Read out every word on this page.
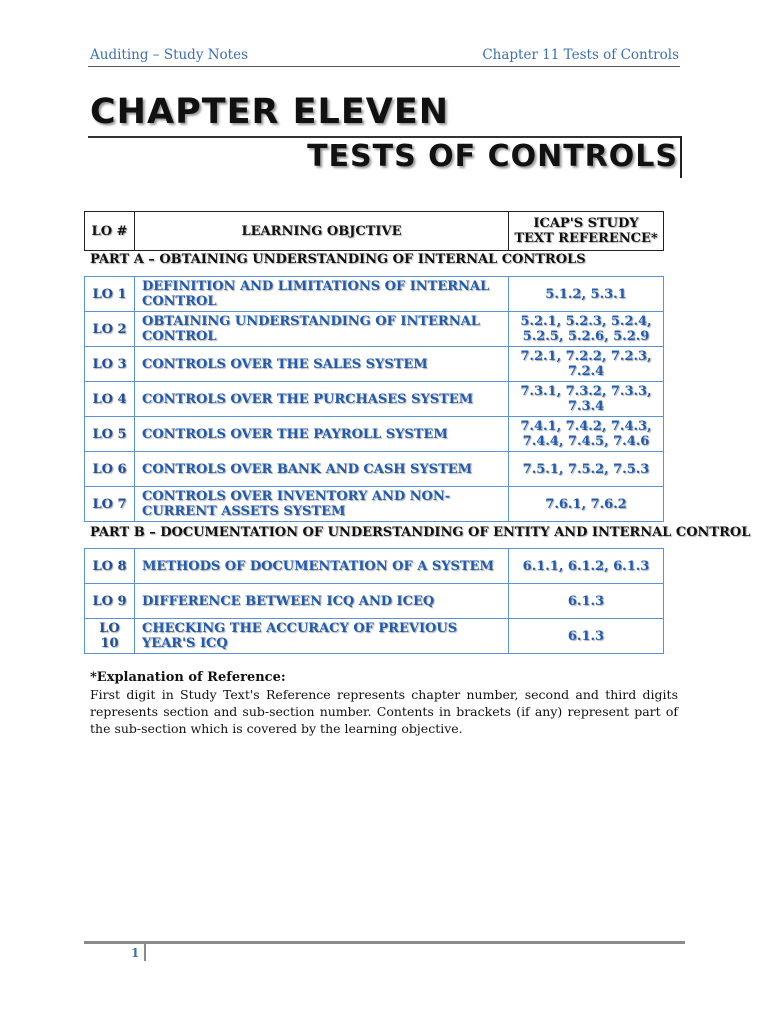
Auditing – Study Notes	Chapter 11 Tests of Controls
CHAPTER ELEVEN
TESTS OF CONTROLS
LO #	LEARNING OBJCTIVE	ICAP'S STUDY TEXT REFERENCE*
PART A – OBTAINING UNDERSTANDING OF INTERNAL CONTROLS
LO 1	DEFINITION AND LIMITATIONS OF INTERNAL CONTROL	5.1.2, 5.3.1
LO 2	OBTAINING UNDERSTANDING OF INTERNAL CONTROL	5.2.1, 5.2.3, 5.2.4, 5.2.5, 5.2.6, 5.2.9
LO 3	CONTROLS OVER THE SALES SYSTEM	7.2.1, 7.2.2, 7.2.3, 7.2.4
LO 4	CONTROLS OVER THE PURCHASES SYSTEM	7.3.1, 7.3.2, 7.3.3, 7.3.4
LO 5	CONTROLS OVER THE PAYROLL SYSTEM	7.4.1, 7.4.2, 7.4.3, 7.4.4, 7.4.5, 7.4.6
LO 6	CONTROLS OVER BANK AND CASH SYSTEM	7.5.1, 7.5.2, 7.5.3
LO 7	CONTROLS OVER INVENTORY AND NON-CURRENT ASSETS SYSTEM	7.6.1, 7.6.2
PART B – DOCUMENTATION OF UNDERSTANDING OF ENTITY AND INTERNAL CONTROL
LO 8	METHODS OF DOCUMENTATION OF A SYSTEM	6.1.1, 6.1.2, 6.1.3
LO 9	DIFFERENCE BETWEEN ICQ AND ICEQ	6.1.3
LO 10	CHECKING THE ACCURACY OF PREVIOUS YEAR'S ICQ	6.1.3
*Explanation of Reference:
First digit in Study Text's Reference represents chapter number, second and third digits represents section and sub-section number. Contents in brackets (if any) represent part of the sub-section which is covered by the learning objective.
1
